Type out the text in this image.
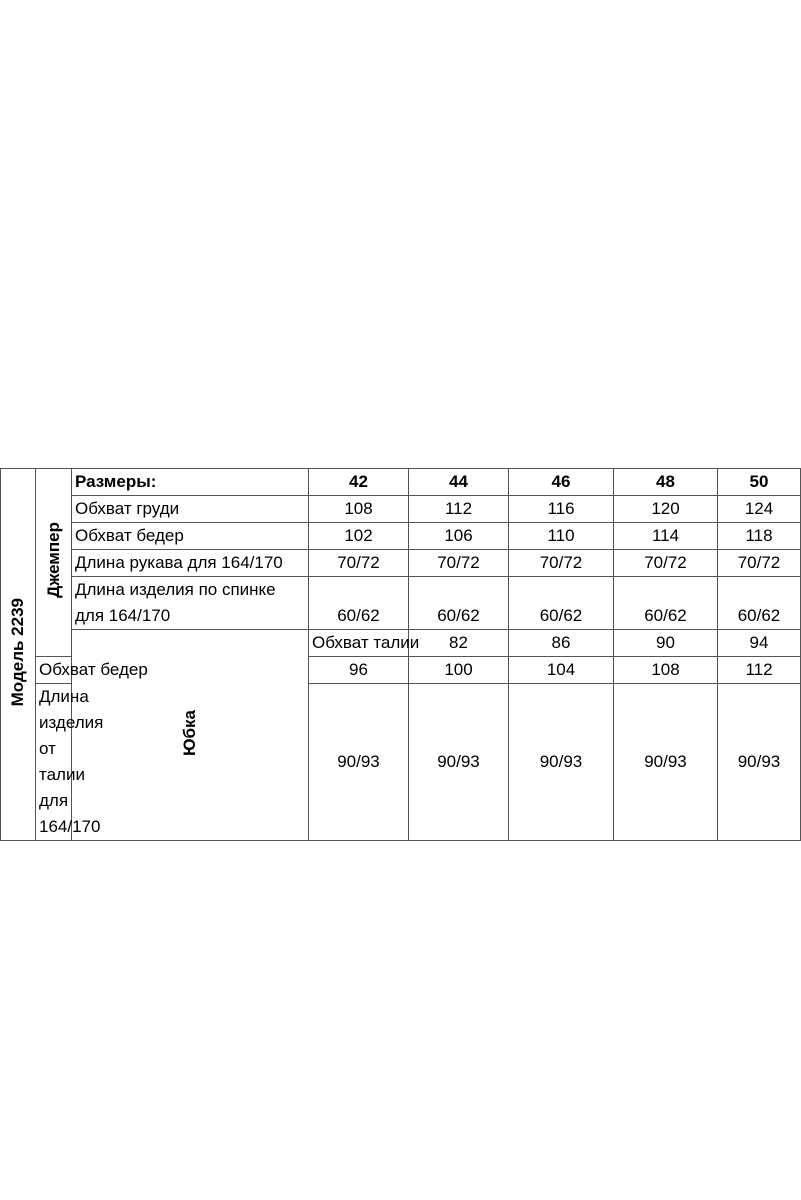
Модель 2239	Джемпер	Размеры:	42	44	46	48	50	
		Обхват груди	108	112	116	120	124	
		Обхват бедер	102	106	110	114	118	
		Длина рукава для 164/170	70/72	70/72	70/72	70/72	70/72	

		Длина изделия по спинке
для 164/170	60/62	60/62	60/62	60/62	60/62	
		Юбка	Обхват талии	82	86	90	94	
	Обхват бедер		96	100	104	108	112	

	Длина изделия от талии
для 164/170		90/93	90/93	90/93	90/93	90/93	
